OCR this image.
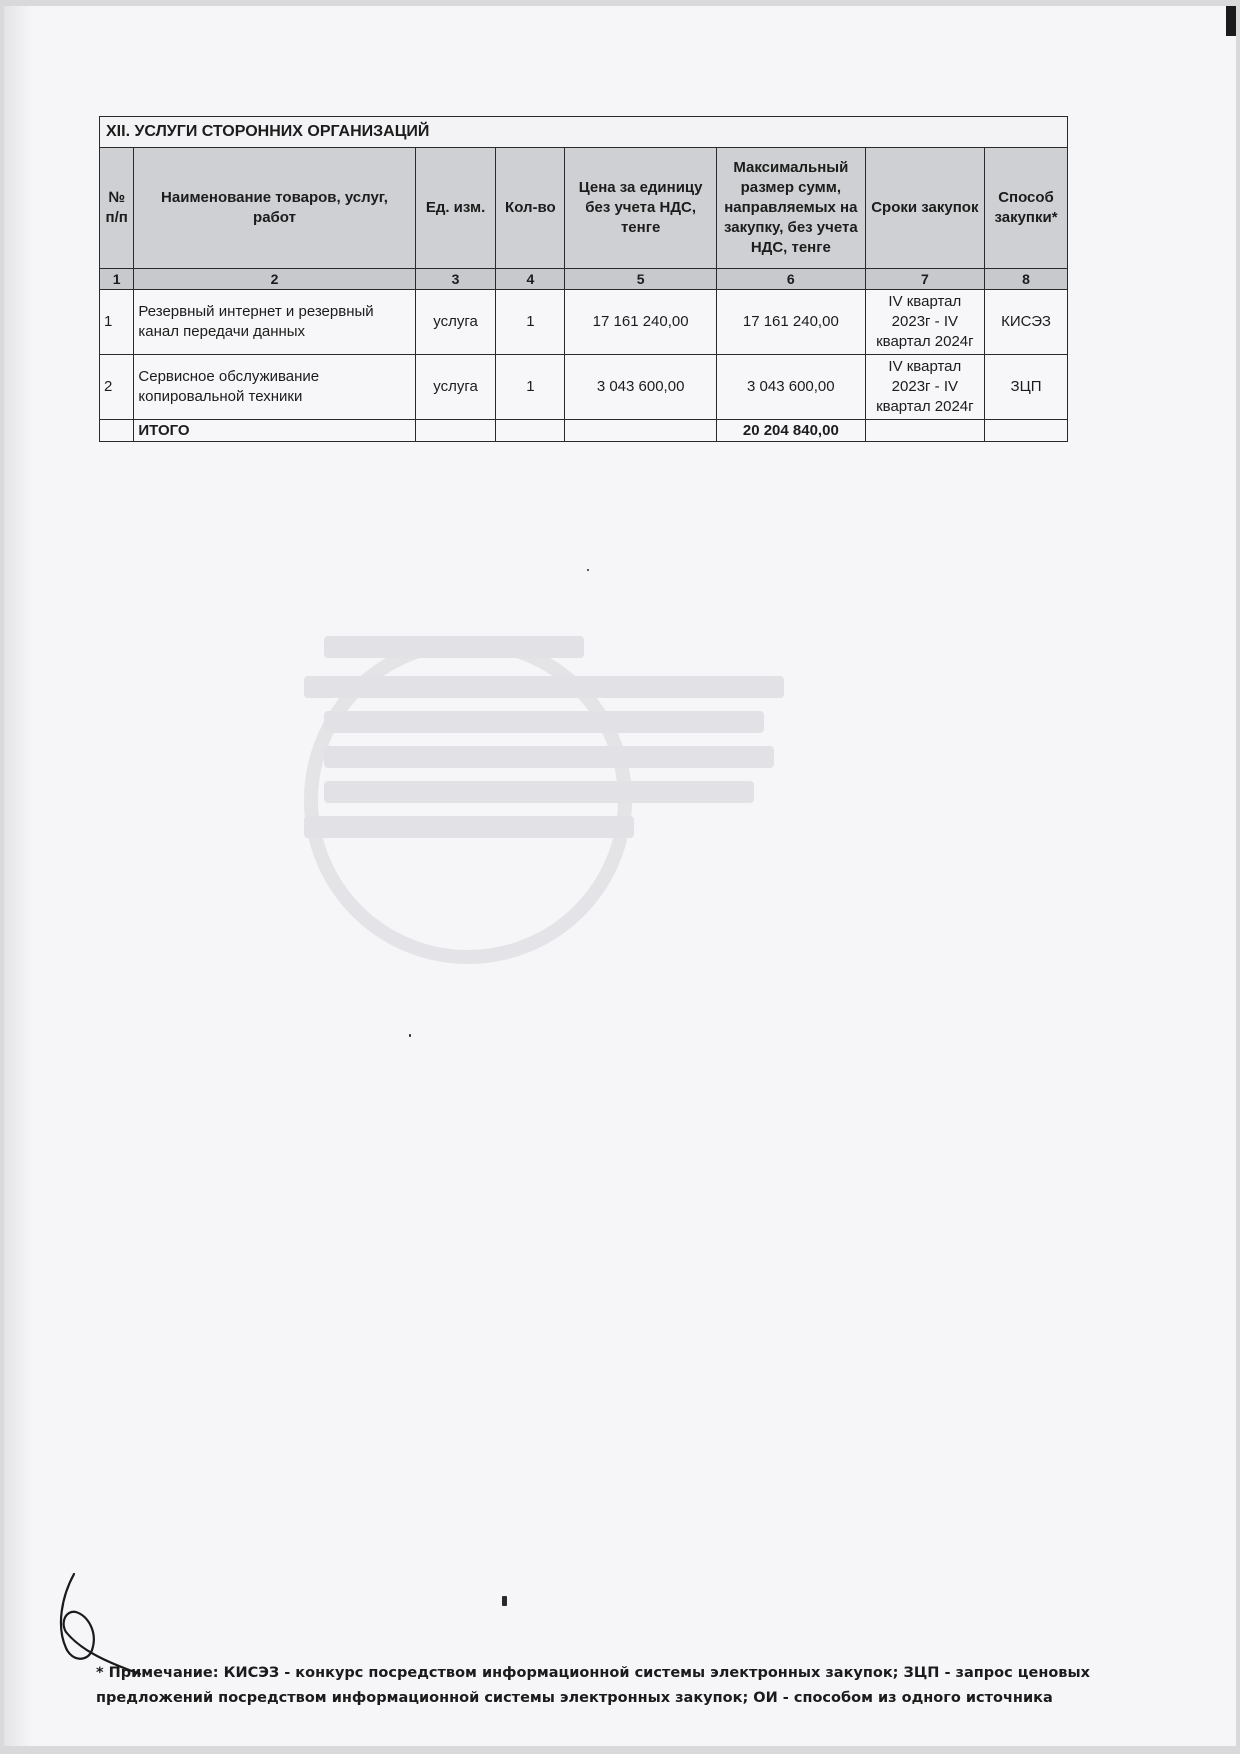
XII. УСЛУГИ СТОРОННИХ ОРГАНИЗАЦИЙ							
№ п/п	Наименование товаров, услуг, работ	Ед. изм.	Кол-во	Цена за единицу без учета НДС, тенге	Максимальный размер сумм, направляемых на закупку, без учета НДС, тенге	Сроки закупок	Способ закупки*
1	2	3	4	5	6	7	8
1	Резервный интернет и резервный канал передачи данных	услуга	1	17 161 240,00	17 161 240,00	IV квартал 2023г - IV квартал 2024г	КИСЭЗ
2	Сервисное обслуживание копировальной техники	услуга	1	3 043 600,00	3 043 600,00	IV квартал 2023г - IV квартал 2024г	ЗЦП
	ИТОГО				20 204 840,00		
* Примечание: КИСЭЗ - конкурс посредством информационной системы электронных закупок; ЗЦП - запрос ценовых предложений посредством информационной системы электронных закупок; ОИ - способом из одного источника
